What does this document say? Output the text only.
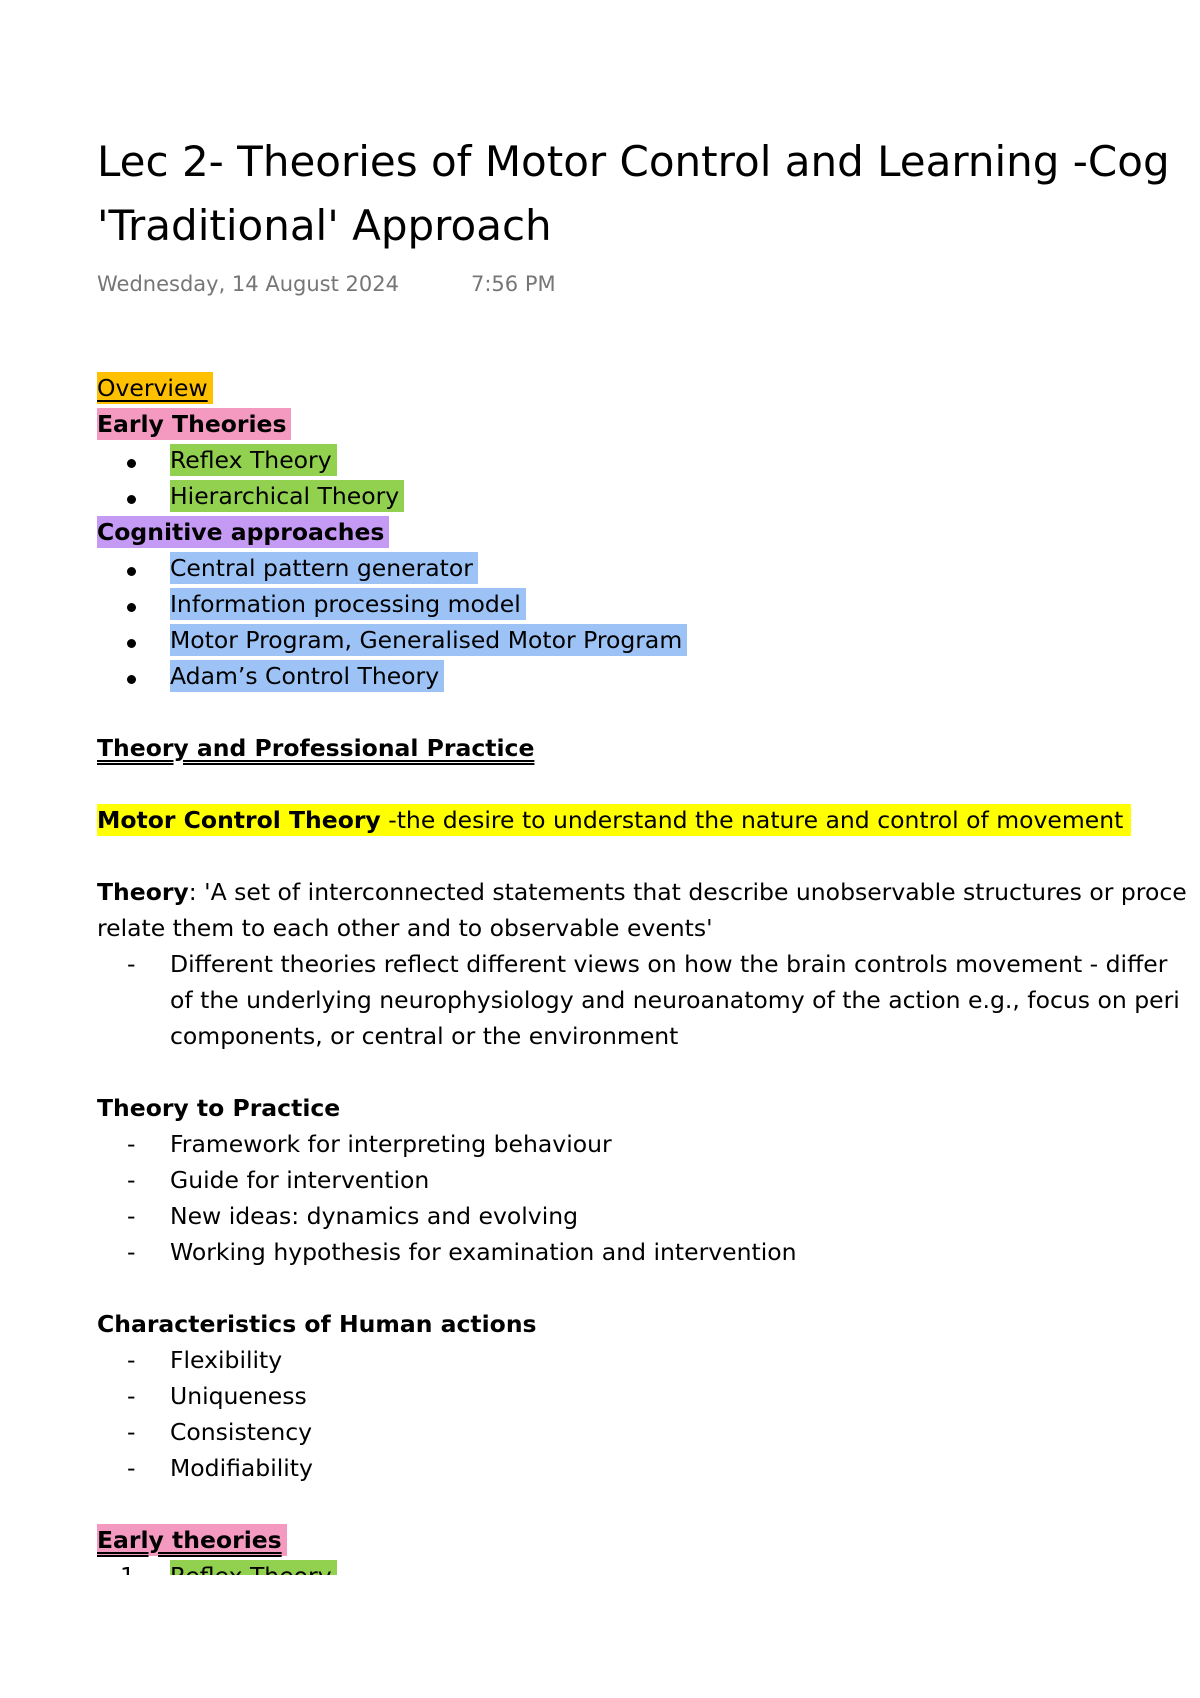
Lec 2- Theories of Motor Control and Learning -Cog
'Traditional' Approach
Wednesday, 14 August 2024	7:56 PM
Overview
Early Theories
Reflex Theory
Hierarchical Theory
Cognitive approaches
Central pattern generator
Information processing model
Motor Program, Generalised Motor Program
Adam’s Control Theory
Theory and Professional Practice
Motor Control Theory -the desire to understand the nature and control of movement
Theory: 'A set of interconnected statements that describe unobservable structures or proce
relate them to each other and to observable events'
- Different theories reflect different views on how the brain controls movement - differ
of the underlying neurophysiology and neuroanatomy of the action e.g., focus on peri
components, or central or the environment
Theory to Practice
- Framework for interpreting behaviour
- Guide for intervention
- New ideas: dynamics and evolving
- Working hypothesis for examination and intervention
Characteristics of Human actions
- Flexibility
- Uniqueness
- Consistency
- Modifiability
Early theories
